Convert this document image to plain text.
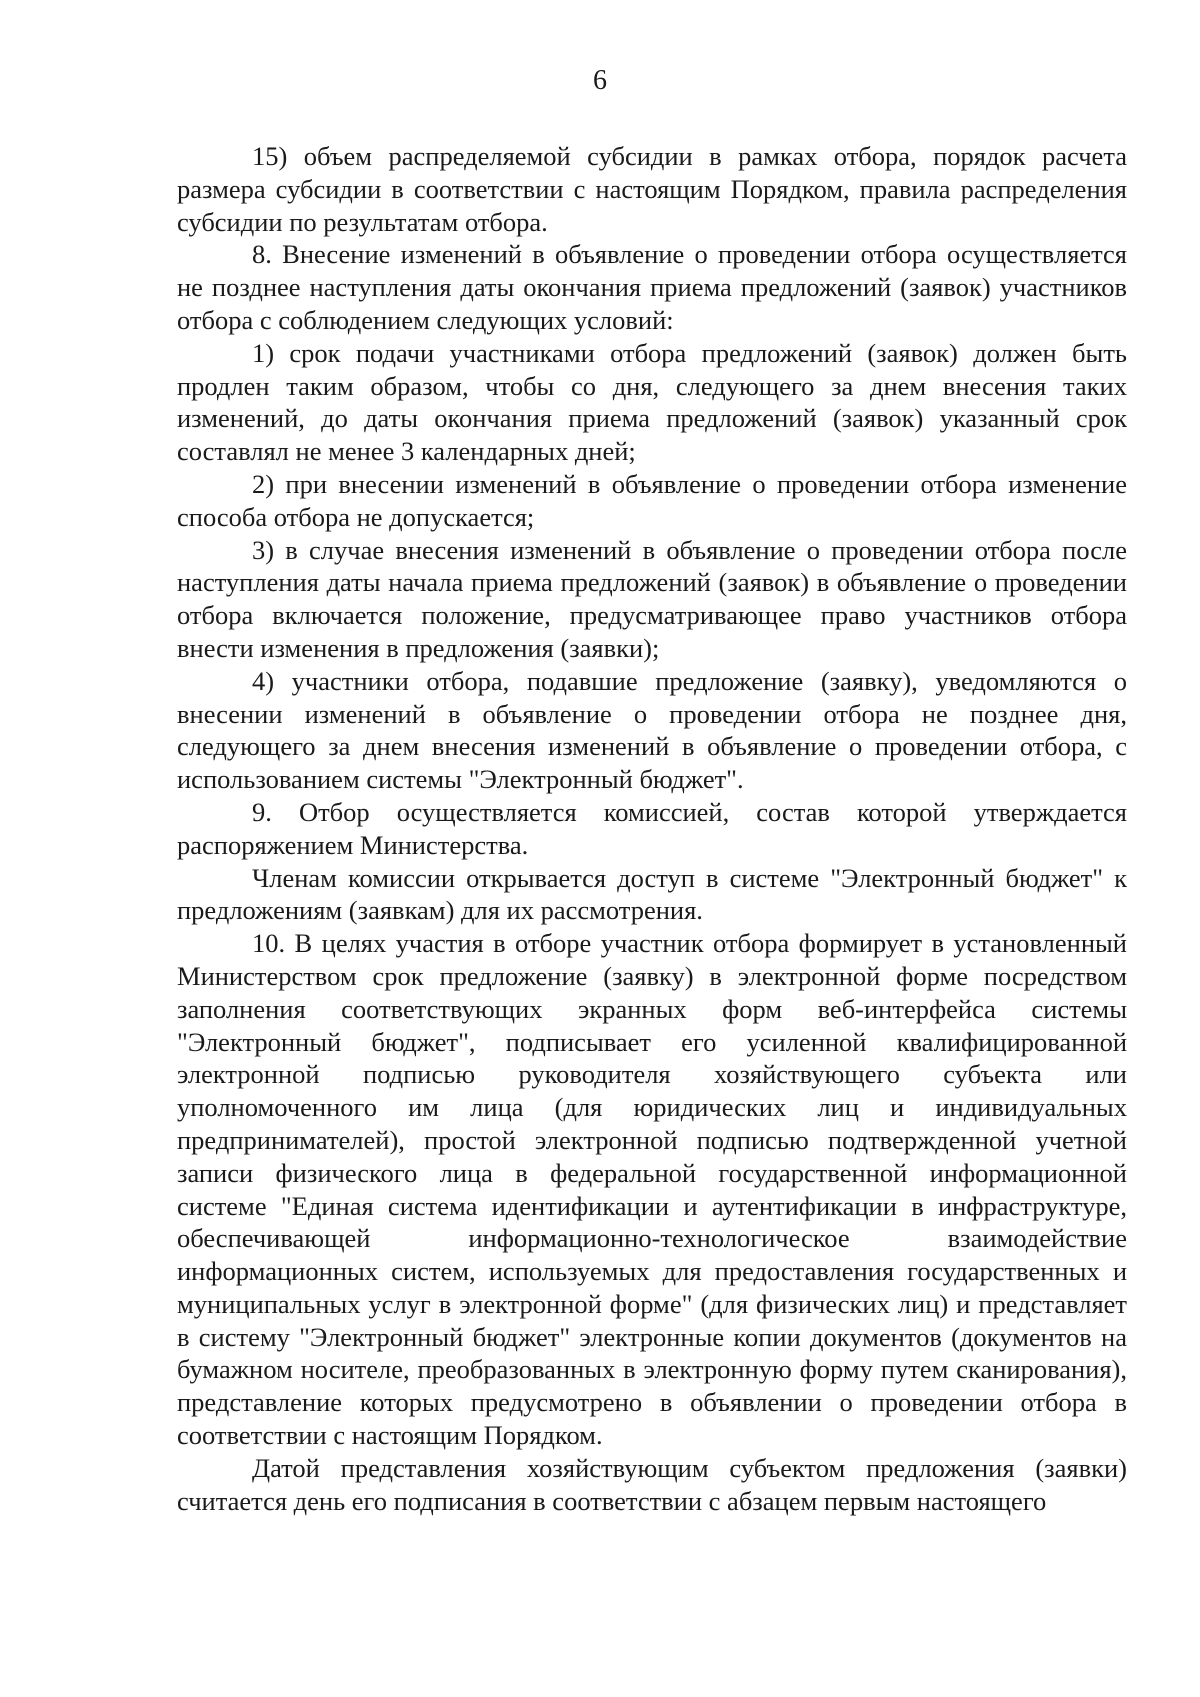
6

15) объем распределяемой субсидии в рамках отбора, порядок расчета размера субсидии в соответствии с настоящим Порядком, правила распределения субсидии по результатам отбора.

8. Внесение изменений в объявление о проведении отбора осуществляется не позднее наступления даты окончания приема предложений (заявок) участников отбора с соблюдением следующих условий:

1) срок подачи участниками отбора предложений (заявок) должен быть продлен таким образом, чтобы со дня, следующего за днем внесения таких изменений, до даты окончания приема предложений (заявок) указанный срок составлял не менее 3 календарных дней;

2) при внесении изменений в объявление о проведении отбора изменение способа отбора не допускается;

3) в случае внесения изменений в объявление о проведении отбора после наступления даты начала приема предложений (заявок) в объявление о проведении отбора включается положение, предусматривающее право участников отбора внести изменения в предложения (заявки);

4) участники отбора, подавшие предложение (заявку), уведомляются о внесении изменений в объявление о проведении отбора не позднее дня, следующего за днем внесения изменений в объявление о проведении отбора, с использованием системы "Электронный бюджет".

9. Отбор осуществляется комиссией, состав которой утверждается распоряжением Министерства.

Членам комиссии открывается доступ в системе "Электронный бюджет" к предложениям (заявкам) для их рассмотрения.

10. В целях участия в отборе участник отбора формирует в установленный Министерством срок предложение (заявку) в электронной форме посредством заполнения соответствующих экранных форм веб-интерфейса системы "Электронный бюджет", подписывает его усиленной квалифицированной электронной подписью руководителя хозяйствующего субъекта или уполномоченного им лица (для юридических лиц и индивидуальных предпринимателей), простой электронной подписью подтвержденной учетной записи физического лица в федеральной государственной информационной системе "Единая система идентификации и аутентификации в инфраструктуре, обеспечивающей информационно-технологическое взаимодействие информационных систем, используемых для предоставления государственных и муниципальных услуг в электронной форме" (для физических лиц) и представляет в систему "Электронный бюджет" электронные копии документов (документов на бумажном носителе, преобразованных в электронную форму путем сканирования), представление которых предусмотрено в объявлении о проведении отбора в соответствии с настоящим Порядком.

Датой представления хозяйствующим субъектом предложения (заявки) считается день его подписания в соответствии с абзацем первым настоящего
